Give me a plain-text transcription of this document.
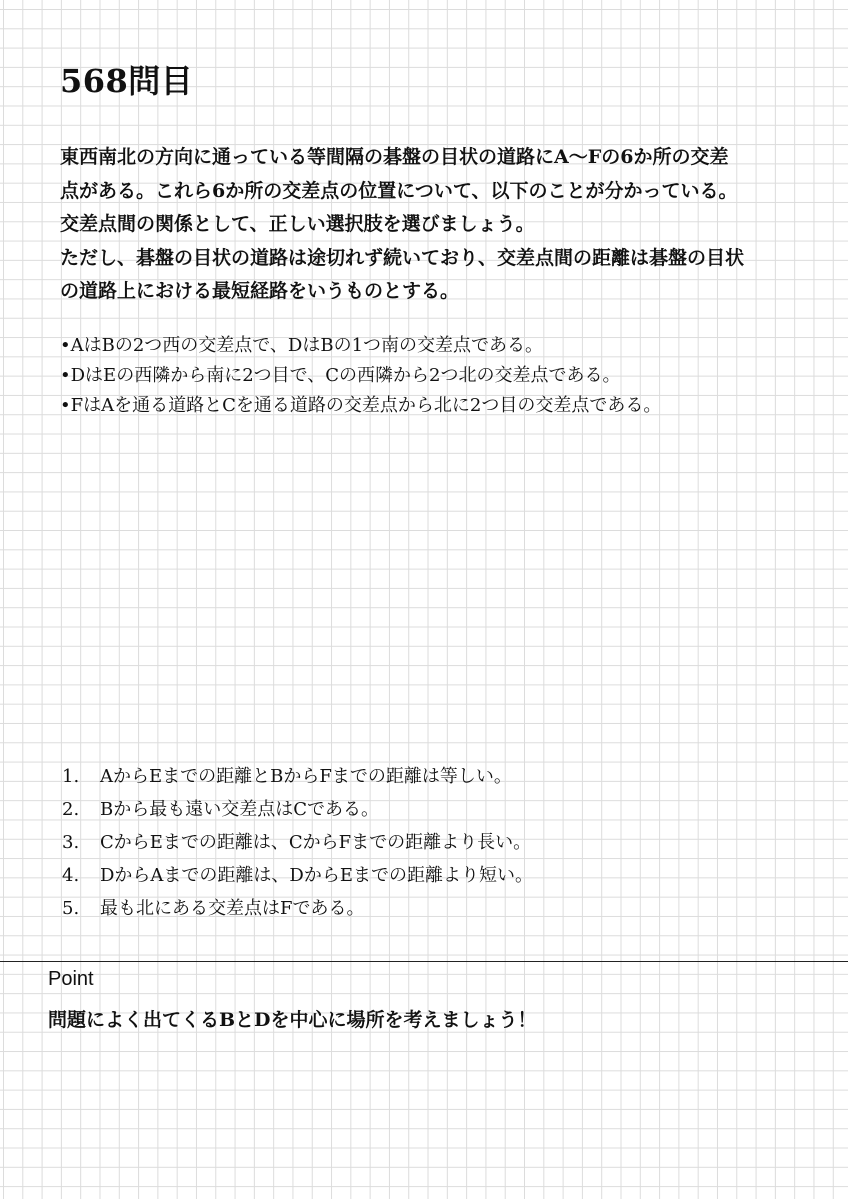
568問目

東西南北の方向に通っている等間隔の碁盤の目状の道路にA〜Fの6か所の交差

点がある。これら6か所の交差点の位置について、以下のことが分かっている。

交差点間の関係として、正しい選択肢を選びましょう。

ただし、碁盤の目状の道路は途切れず続いており、交差点間の距離は碁盤の目状

の道路上における最短経路をいうものとする。

•AはBの2つ西の交差点で、DはBの1つ南の交差点である。
•DはEの西隣から南に2つ目で、Cの西隣から2つ北の交差点である。
•FはAを通る道路とCを通る道路の交差点から北に2つ目の交差点である。
1.	AからEまでの距離とBからFまでの距離は等しい。
2.	Bから最も遠い交差点はCである。
3.	CからEまでの距離は、CからFまでの距離より長い。
4.	DからAまでの距離は、DからEまでの距離より短い。
5.	最も北にある交差点はFである。
Point
問題によく出てくるBとDを中心に場所を考えましょう！
